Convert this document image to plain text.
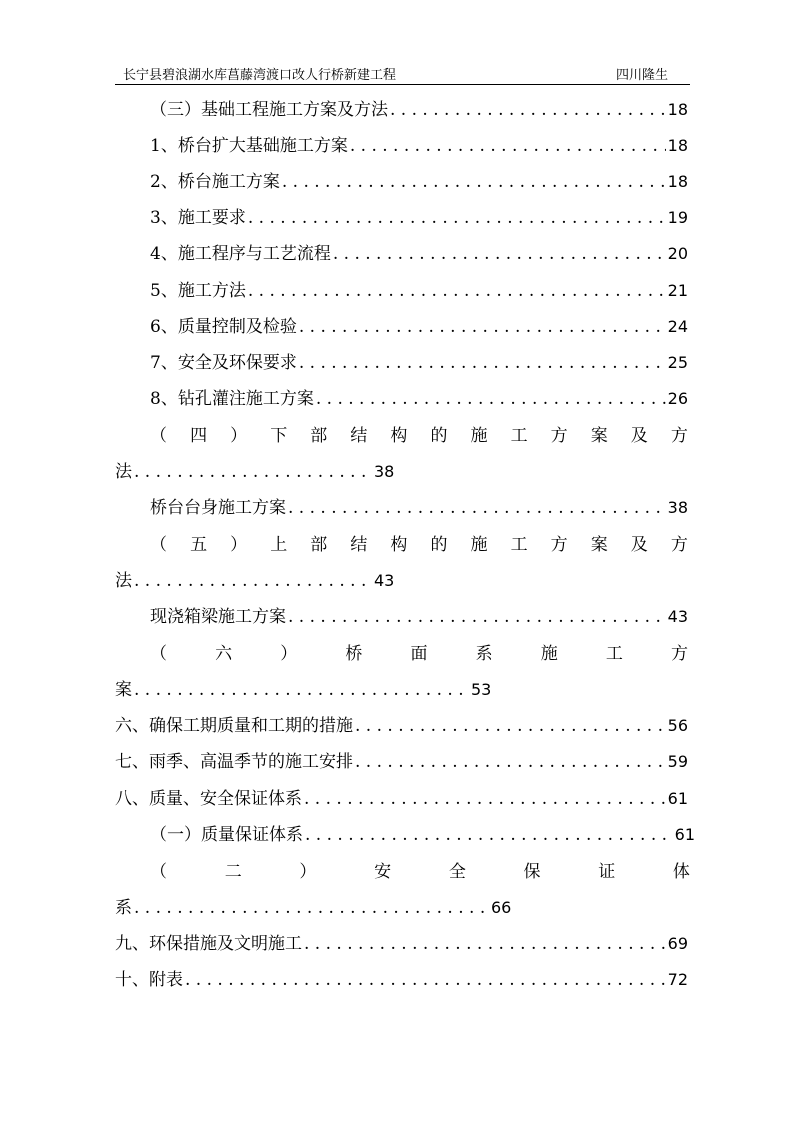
长宁县碧浪湖水库菖藤湾渡口改人行桥新建工程	四川隆生
（三）基础工程施工方案及方法 . . .	18
1、桥台扩大基础施工方案 . . .	18
2、桥台施工方案 . . .	18
3、施工要求 . . .	19
4、施工程序与工艺流程 . . .	20
5、施工方法 . . .	21
6、质量控制及检验 . . .	24
7、安全及环保要求 . . .	25
8、钻孔灌注施工方案 . . .	26
（ 四 ） 下 部 结 构 的 施 工 方 案 及 方
法 . . .	38
桥台台身施工方案 . . .	38
（ 五 ） 上 部 结 构 的 施 工 方 案 及 方
法 . . .	43
现浇箱梁施工方案 . . .	43
（	六	）	桥	面	系	施	工	方
案 . . .	53
六、确保工期质量和工期的措施 . . .	56
七、雨季、高温季节的施工安排 . . .	59
八、质量、安全保证体系 . . .	61
（一）质量保证体系 . . .	61
（	二	）	安	全	保	证	体
系 . . .	66
九、环保措施及文明施工 . . .	69
十、附表 . . .	72
